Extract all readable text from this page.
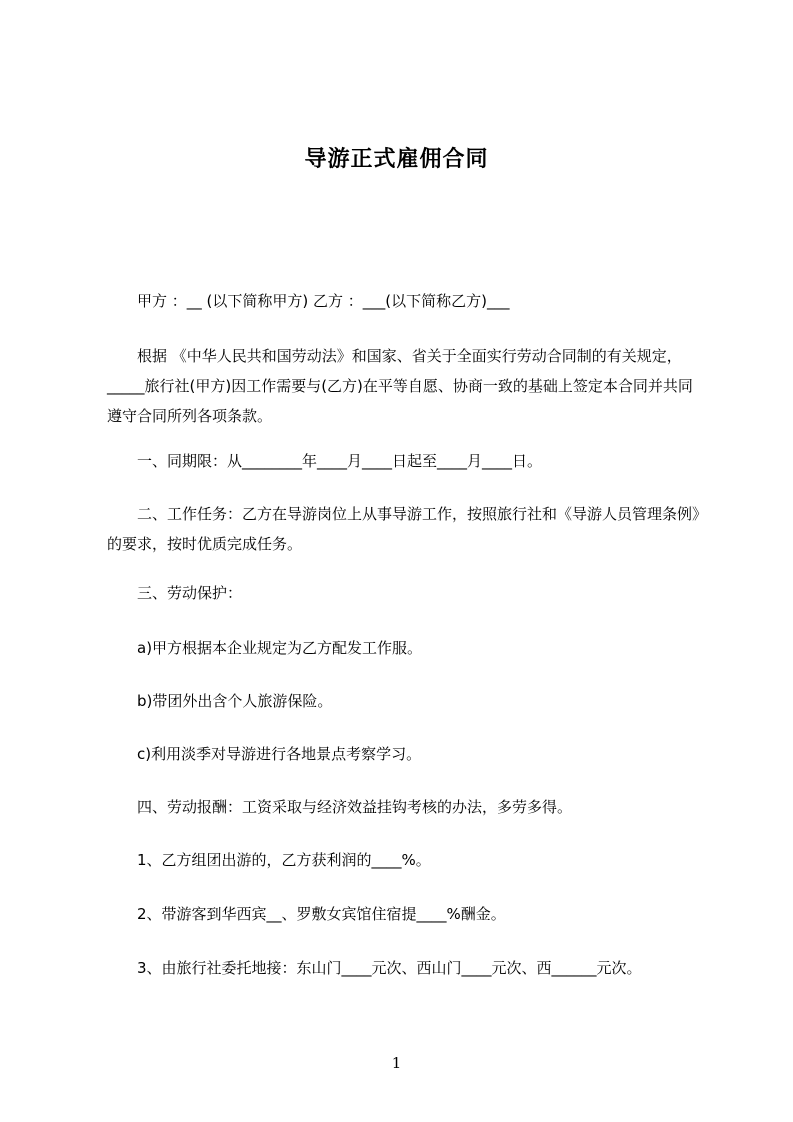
导游正式雇佣合同
　　甲方 ：__ (以下简称甲方) 乙方 ：___(以下简称乙方)___
　　根据 《中华人民共和国劳动法》和国家、省关于全面实行劳动合同制的有关规定，_____旅行社(甲方)因工作需要与(乙方)在平等自愿、协商一致的基础上签定本合同并共同遵守合同所列各项条款。
　　一、同期限：从________年____月____日起至____月____日。
　　二、工作任务：乙方在导游岗位上从事导游工作，按照旅行社和《导游人员管理条例》的要求，按时优质完成任务。
　　三、劳动保护：
　　a)甲方根据本企业规定为乙方配发工作服。
　　b)带团外出含个人旅游保险。
　　c)利用淡季对导游进行各地景点考察学习。
　　四、劳动报酬：工资采取与经济效益挂钩考核的办法，多劳多得。
　　1、乙方组团出游的，乙方获利润的____%。
　　2、带游客到华西宾__、罗敷女宾馆住宿提____%酬金。
　　3、由旅行社委托地接：东山门____元次、西山门____元次、西______元次。
1
